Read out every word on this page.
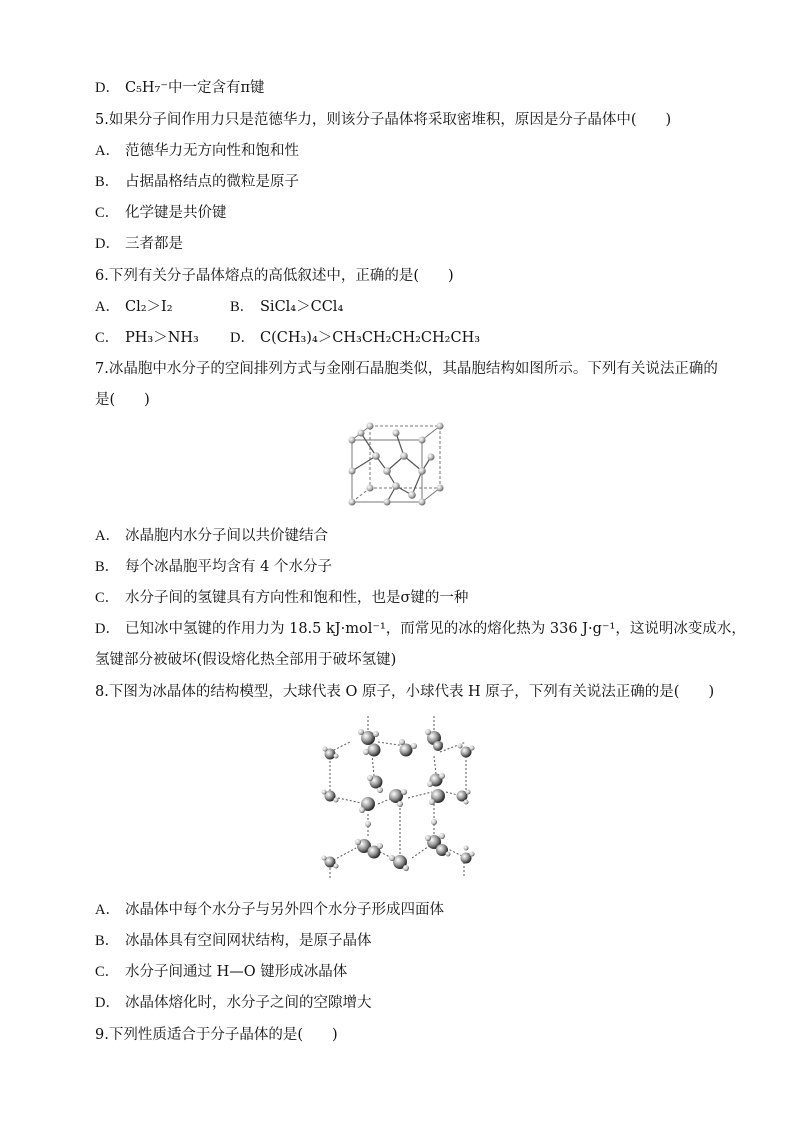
D． C₅H₇⁻中一定含有π键
5.如果分子间作用力只是范德华力，则该分子晶体将采取密堆积，原因是分子晶体中(　　)
A． 范德华力无方向性和饱和性
B． 占据晶格结点的微粒是原子
C． 化学键是共价键
D． 三者都是
6.下列有关分子晶体熔点的高低叙述中，正确的是(　　)
A． Cl₂＞I₂	B． SiCl₄＞CCl₄
C． PH₃＞NH₃ D． C(CH₃)₄＞CH₃CH₂CH₂CH₂CH₃
7.冰晶胞中水分子的空间排列方式与金刚石晶胞类似，其晶胞结构如图所示。下列有关说法正确的
是(　　)
A． 冰晶胞内水分子间以共价键结合
B． 每个冰晶胞平均含有 4 个水分子
C． 水分子间的氢键具有方向性和饱和性，也是σ键的一种
D． 已知冰中氢键的作用力为 18.5 kJ·mol⁻¹，而常见的冰的熔化热为 336 J·g⁻¹，这说明冰变成水，
氢键部分被破坏(假设熔化热全部用于破坏氢键)
8.下图为冰晶体的结构模型，大球代表 O 原子，小球代表 H 原子，下列有关说法正确的是(　　)
A． 冰晶体中每个水分子与另外四个水分子形成四面体
B． 冰晶体具有空间网状结构，是原子晶体
C． 水分子间通过 H—O 键形成冰晶体
D． 冰晶体熔化时，水分子之间的空隙增大
9.下列性质适合于分子晶体的是(　　)
